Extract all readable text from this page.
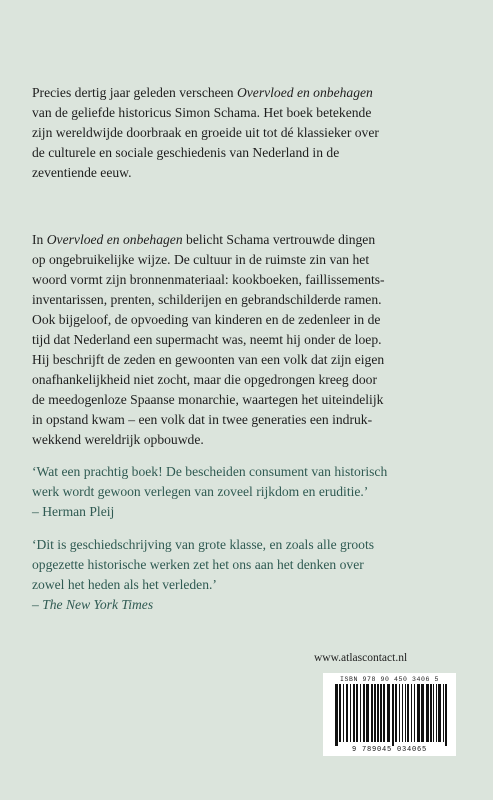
Precies dertig jaar geleden verscheen Overvloed en onbehagen
van de geliefde historicus Simon Schama. Het boek betekende
zijn wereldwijde doorbraak en groeide uit tot dé klassieker over
de culturele en sociale geschiedenis van Nederland in de
zeventiende eeuw.
In Overvloed en onbehagen belicht Schama vertrouwde dingen
op ongebruikelijke wijze. De cultuur in de ruimste zin van het
woord vormt zijn bronnenmateriaal: kookboeken, faillissements-
inventarissen, prenten, schilderijen en gebrandschilderde ramen.
Ook bijgeloof, de opvoeding van kinderen en de zedenleer in de
tijd dat Nederland een supermacht was, neemt hij onder de loep.
Hij beschrijft de zeden en gewoonten van een volk dat zijn eigen
onafhankelijkheid niet zocht, maar die opgedrongen kreeg door
de meedogenloze Spaanse monarchie, waartegen het uiteindelijk
in opstand kwam – een volk dat in twee generaties een indruk-
wekkend wereldrijk opbouwde.
‘Wat een prachtig boek! De bescheiden consument van historisch
werk wordt gewoon verlegen van zoveel rijkdom en eruditie.’
– Herman Pleij
‘Dit is geschiedschrijving van grote klasse, en zoals alle groots
opgezette historische werken zet het ons aan het denken over
zowel het heden als het verleden.’
– The New York Times
www.atlascontact.nl
ISBN 978 90 450 3406 5
9 789045 034065
